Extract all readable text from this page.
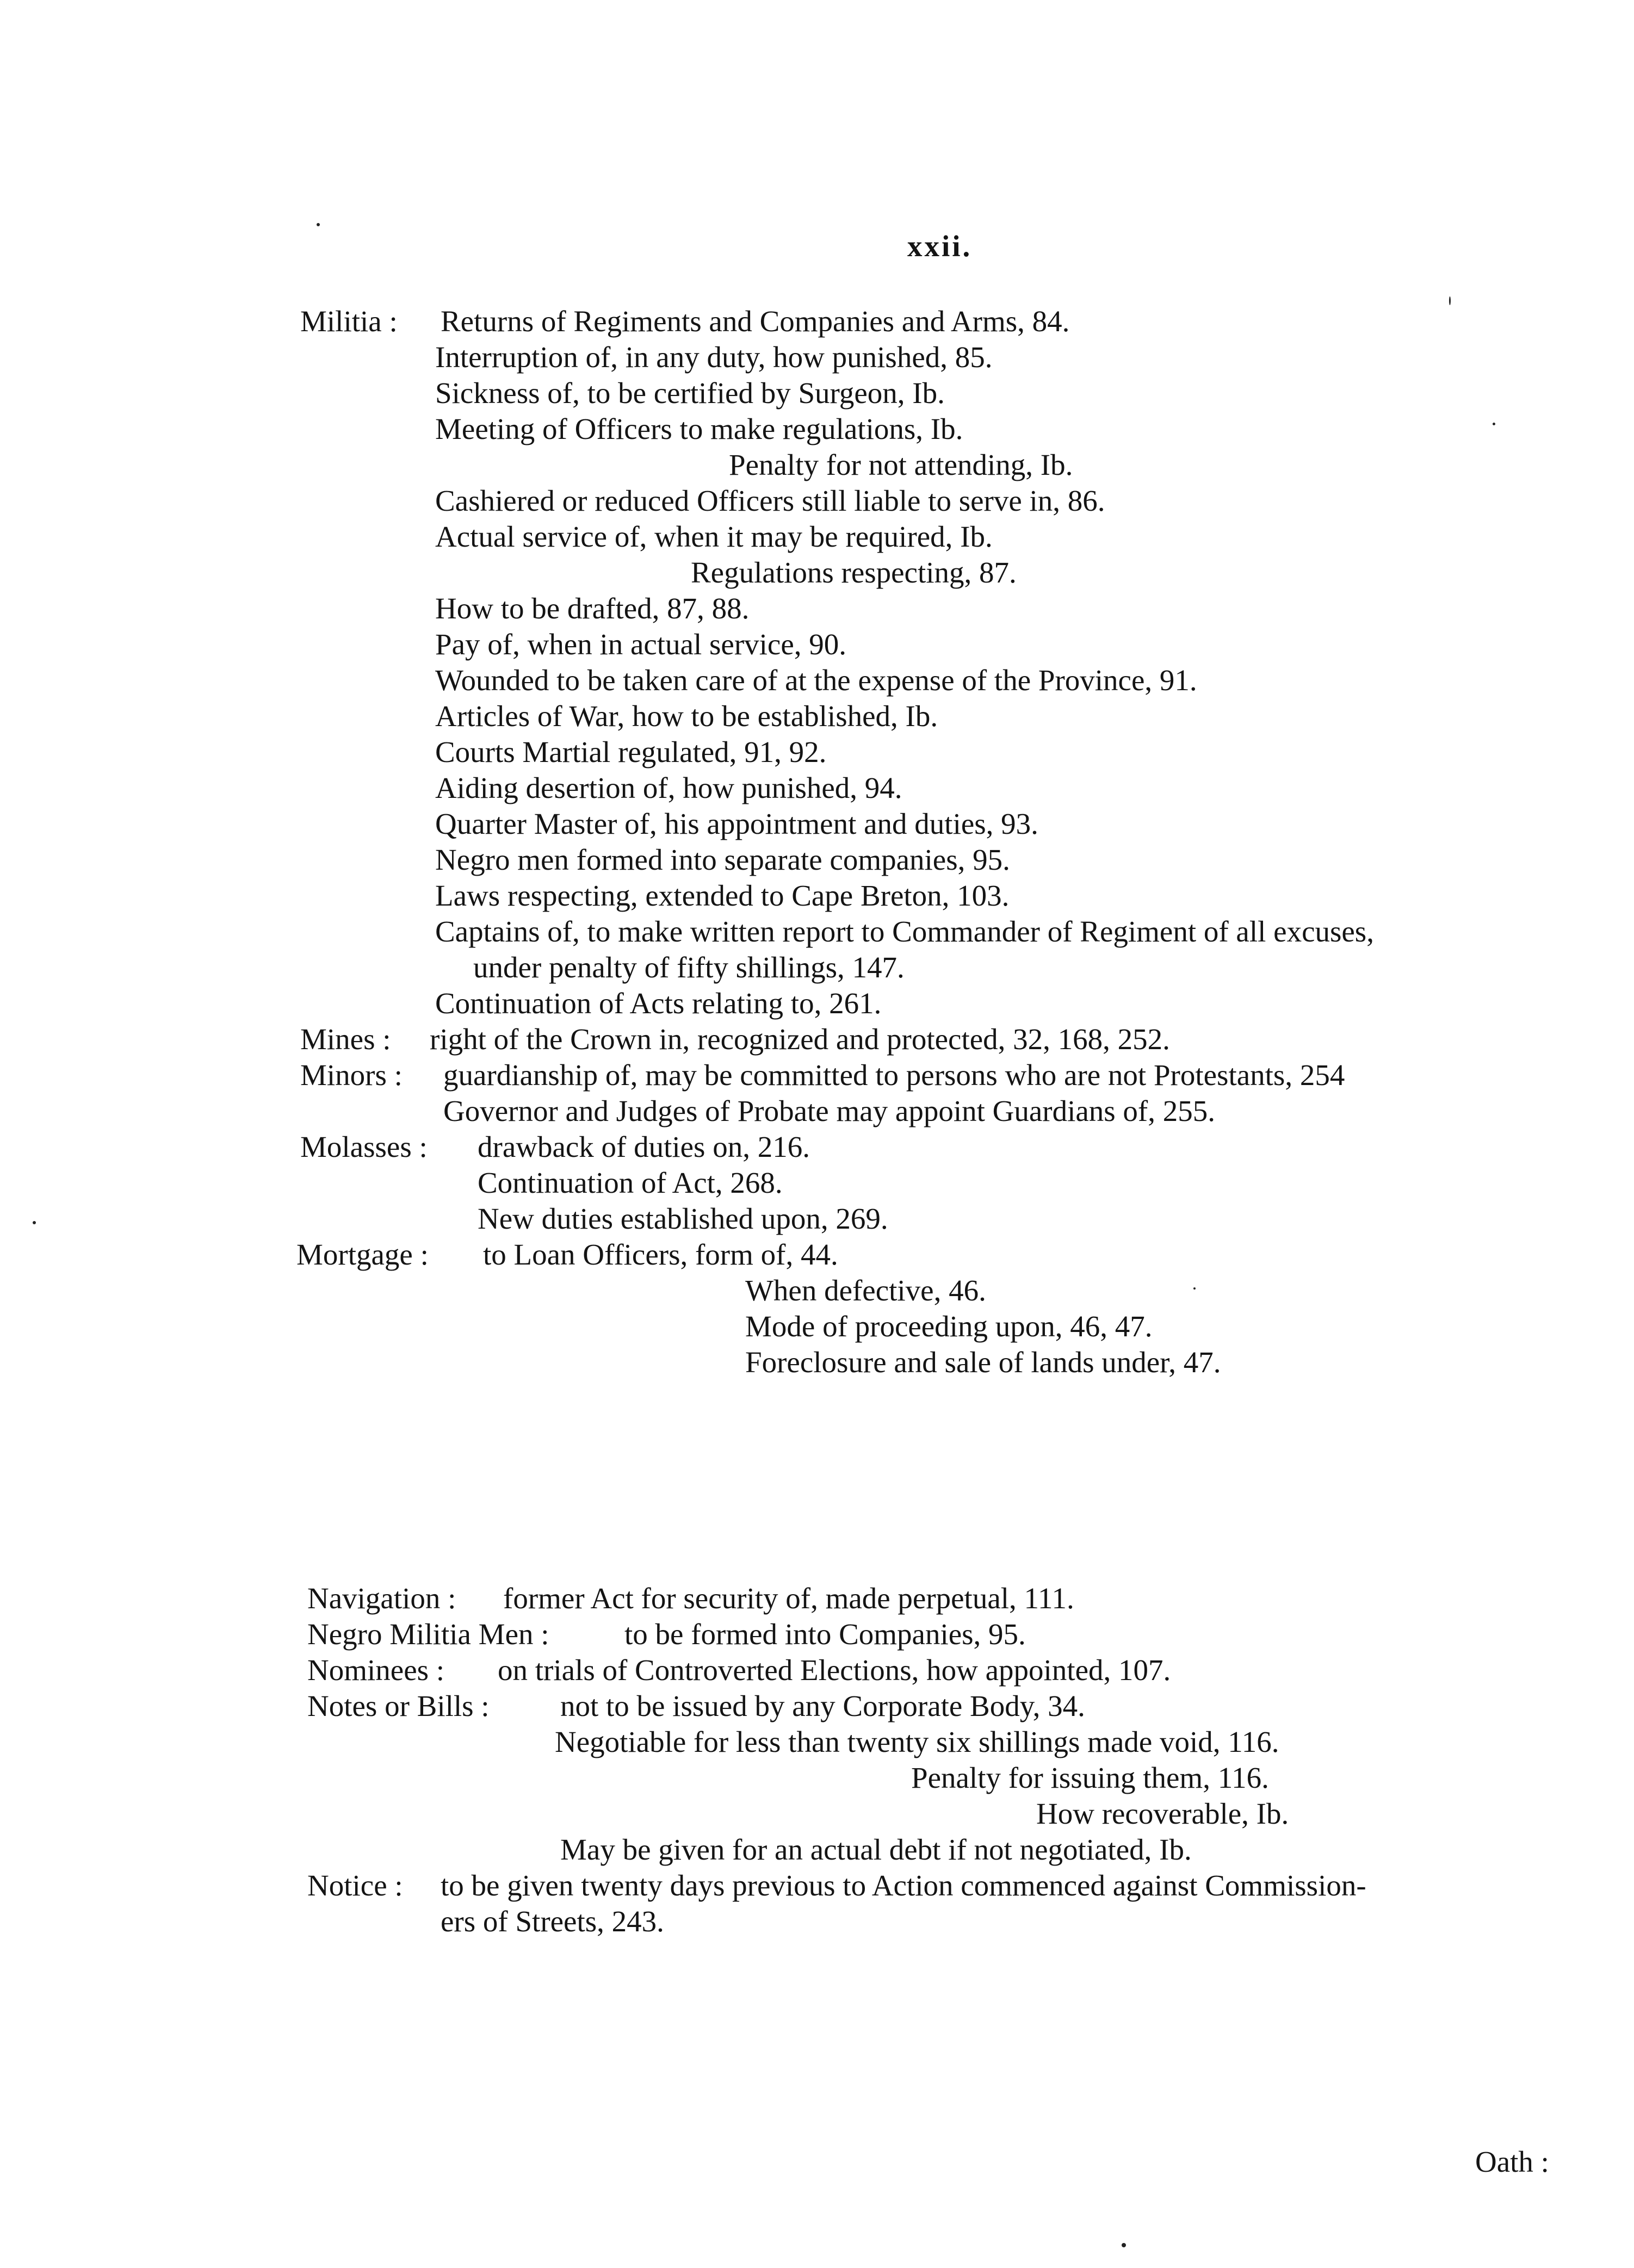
xxii.
Militia : Returns of Regiments and Companies and Arms, 84.
Interruption of, in any duty, how punished, 85.
Sickness of, to be certified by Surgeon, Ib.
Meeting of Officers to make regulations, Ib.
Penalty for not attending, Ib.
Cashiered or reduced Officers still liable to serve in, 86.
Actual service of, when it may be required, Ib.
Regulations respecting, 87.
How to be drafted, 87, 88.
Pay of, when in actual service, 90.
Wounded to be taken care of at the expense of the Province, 91.
Articles of War, how to be established, Ib.
Courts Martial regulated, 91, 92.
Aiding desertion of, how punished, 94.
Quarter Master of, his appointment and duties, 93.
Negro men formed into separate companies, 95.
Laws respecting, extended to Cape Breton, 103.
Captains of, to make written report to Commander of Regiment of all excuses,
under penalty of fifty shillings, 147.
Continuation of Acts relating to, 261.
Mines : right of the Crown in, recognized and protected, 32, 168, 252.
Minors : guardianship of, may be committed to persons who are not Protestants, 254
Governor and Judges of Probate may appoint Guardians of, 255.
Molasses : drawback of duties on, 216.
Continuation of Act, 268.
New duties established upon, 269.
Mortgage : to Loan Officers, form of, 44.
When defective, 46.
Mode of proceeding upon, 46, 47.
Foreclosure and sale of lands under, 47.
Navigation : former Act for security of, made perpetual, 111.
Negro Militia Men :	to be formed into Companies, 95.
Nominees : on trials of Controverted Elections, how appointed, 107.
Notes or Bills : not to be issued by any Corporate Body, 34.
Negotiable for less than twenty six shillings made void, 116.
Penalty for issuing them, 116.
How recoverable, Ib.
May be given for an actual debt if not negotiated, Ib.
Notice : to be given twenty days previous to Action commenced against Commission-
ers of Streets, 243.
Oath :
